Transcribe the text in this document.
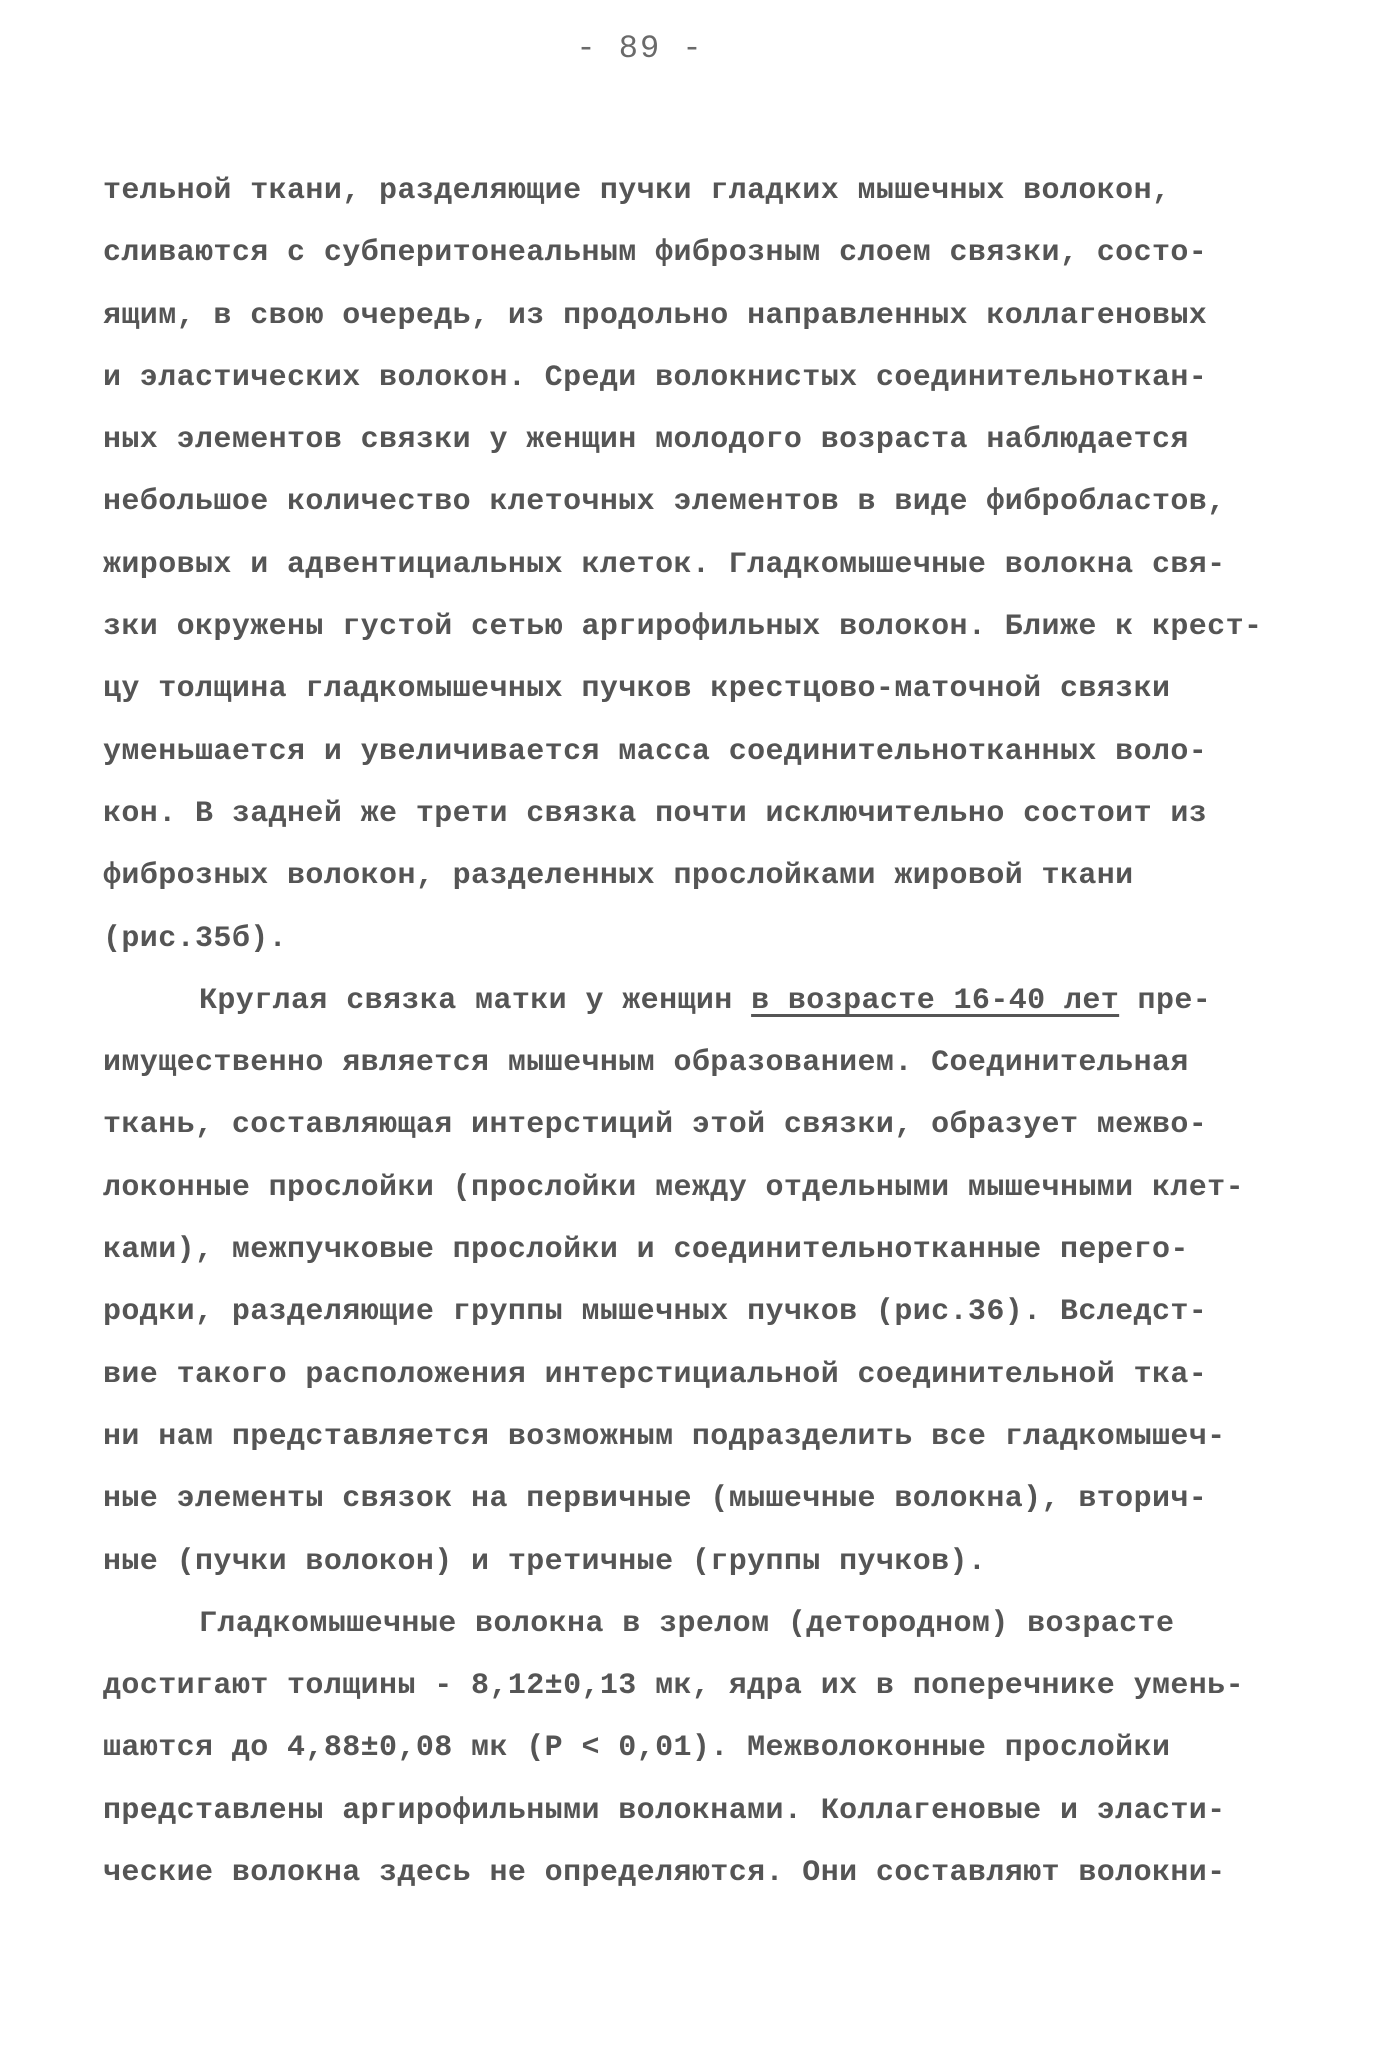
- 89 -
тельной ткани, разделяющие пучки гладких мышечных волокон,
сливаются с субперитонеальным фиброзным слоем связки, состо-
ящим, в свою очередь, из продольно направленных коллагеновых
и эластических волокон. Среди волокнистых соединительноткан-
ных элементов связки у женщин молодого возраста наблюдается
небольшое количество клеточных элементов в виде фибробластов,
жировых и адвентициальных клеток. Гладкомышечные волокна свя-
зки окружены густой сетью аргирофильных волокон. Ближе к крест-
цу толщина гладкомышечных пучков крестцово-маточной связки
уменьшается и увеличивается масса соединительнотканных воло-
кон. В задней же трети связка почти исключительно состоит из
фиброзных волокон, разделенных прослойками жировой ткани
(рис.35б).
Круглая связка матки у женщин в возрасте 16-40 лет пре-
имущественно является мышечным образованием. Соединительная
ткань, составляющая интерстиций этой связки, образует межво-
локонные прослойки (прослойки между отдельными мышечными клет-
ками), межпучковые прослойки и соединительнотканные перего-
родки, разделяющие группы мышечных пучков (рис.36). Вследст-
вие такого расположения интерстициальной соединительной тка-
ни нам представляется возможным подразделить все гладкомышеч-
ные элементы связок на первичные (мышечные волокна), вторич-
ные (пучки волокон) и третичные (группы пучков).
Гладкомышечные волокна в зрелом (детородном) возрасте
достигают толщины - 8,12±0,13 мк, ядра их в поперечнике умень-
шаются до 4,88±0,08 мк (Р < 0,01). Межволоконные прослойки
представлены аргирофильными волокнами. Коллагеновые и эласти-
ческие волокна здесь не определяются. Они составляют волокни-
